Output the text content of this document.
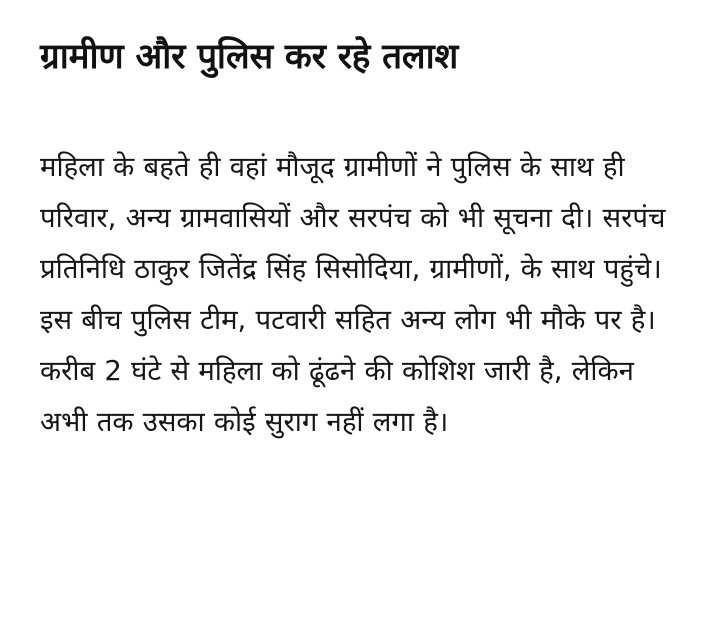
ग्रामीण और पुलिस कर रहे तलाश

महिला के बहते ही वहां मौजूद ग्रामीणों ने पुलिस के साथ ही परिवार, अन्य ग्रामवासियों और सरपंच को भी सूचना दी। सरपंच प्रतिनिधि ठाकुर जितेंद्र सिंह सिसोदिया, ग्रामीणों, के साथ पहुंचे। इस बीच पुलिस टीम, पटवारी सहित अन्य लोग भी मौके पर है। करीब 2 घंटे से महिला को ढूंढने की कोशिश जारी है, लेकिन अभी तक उसका कोई सुराग नहीं लगा है।
